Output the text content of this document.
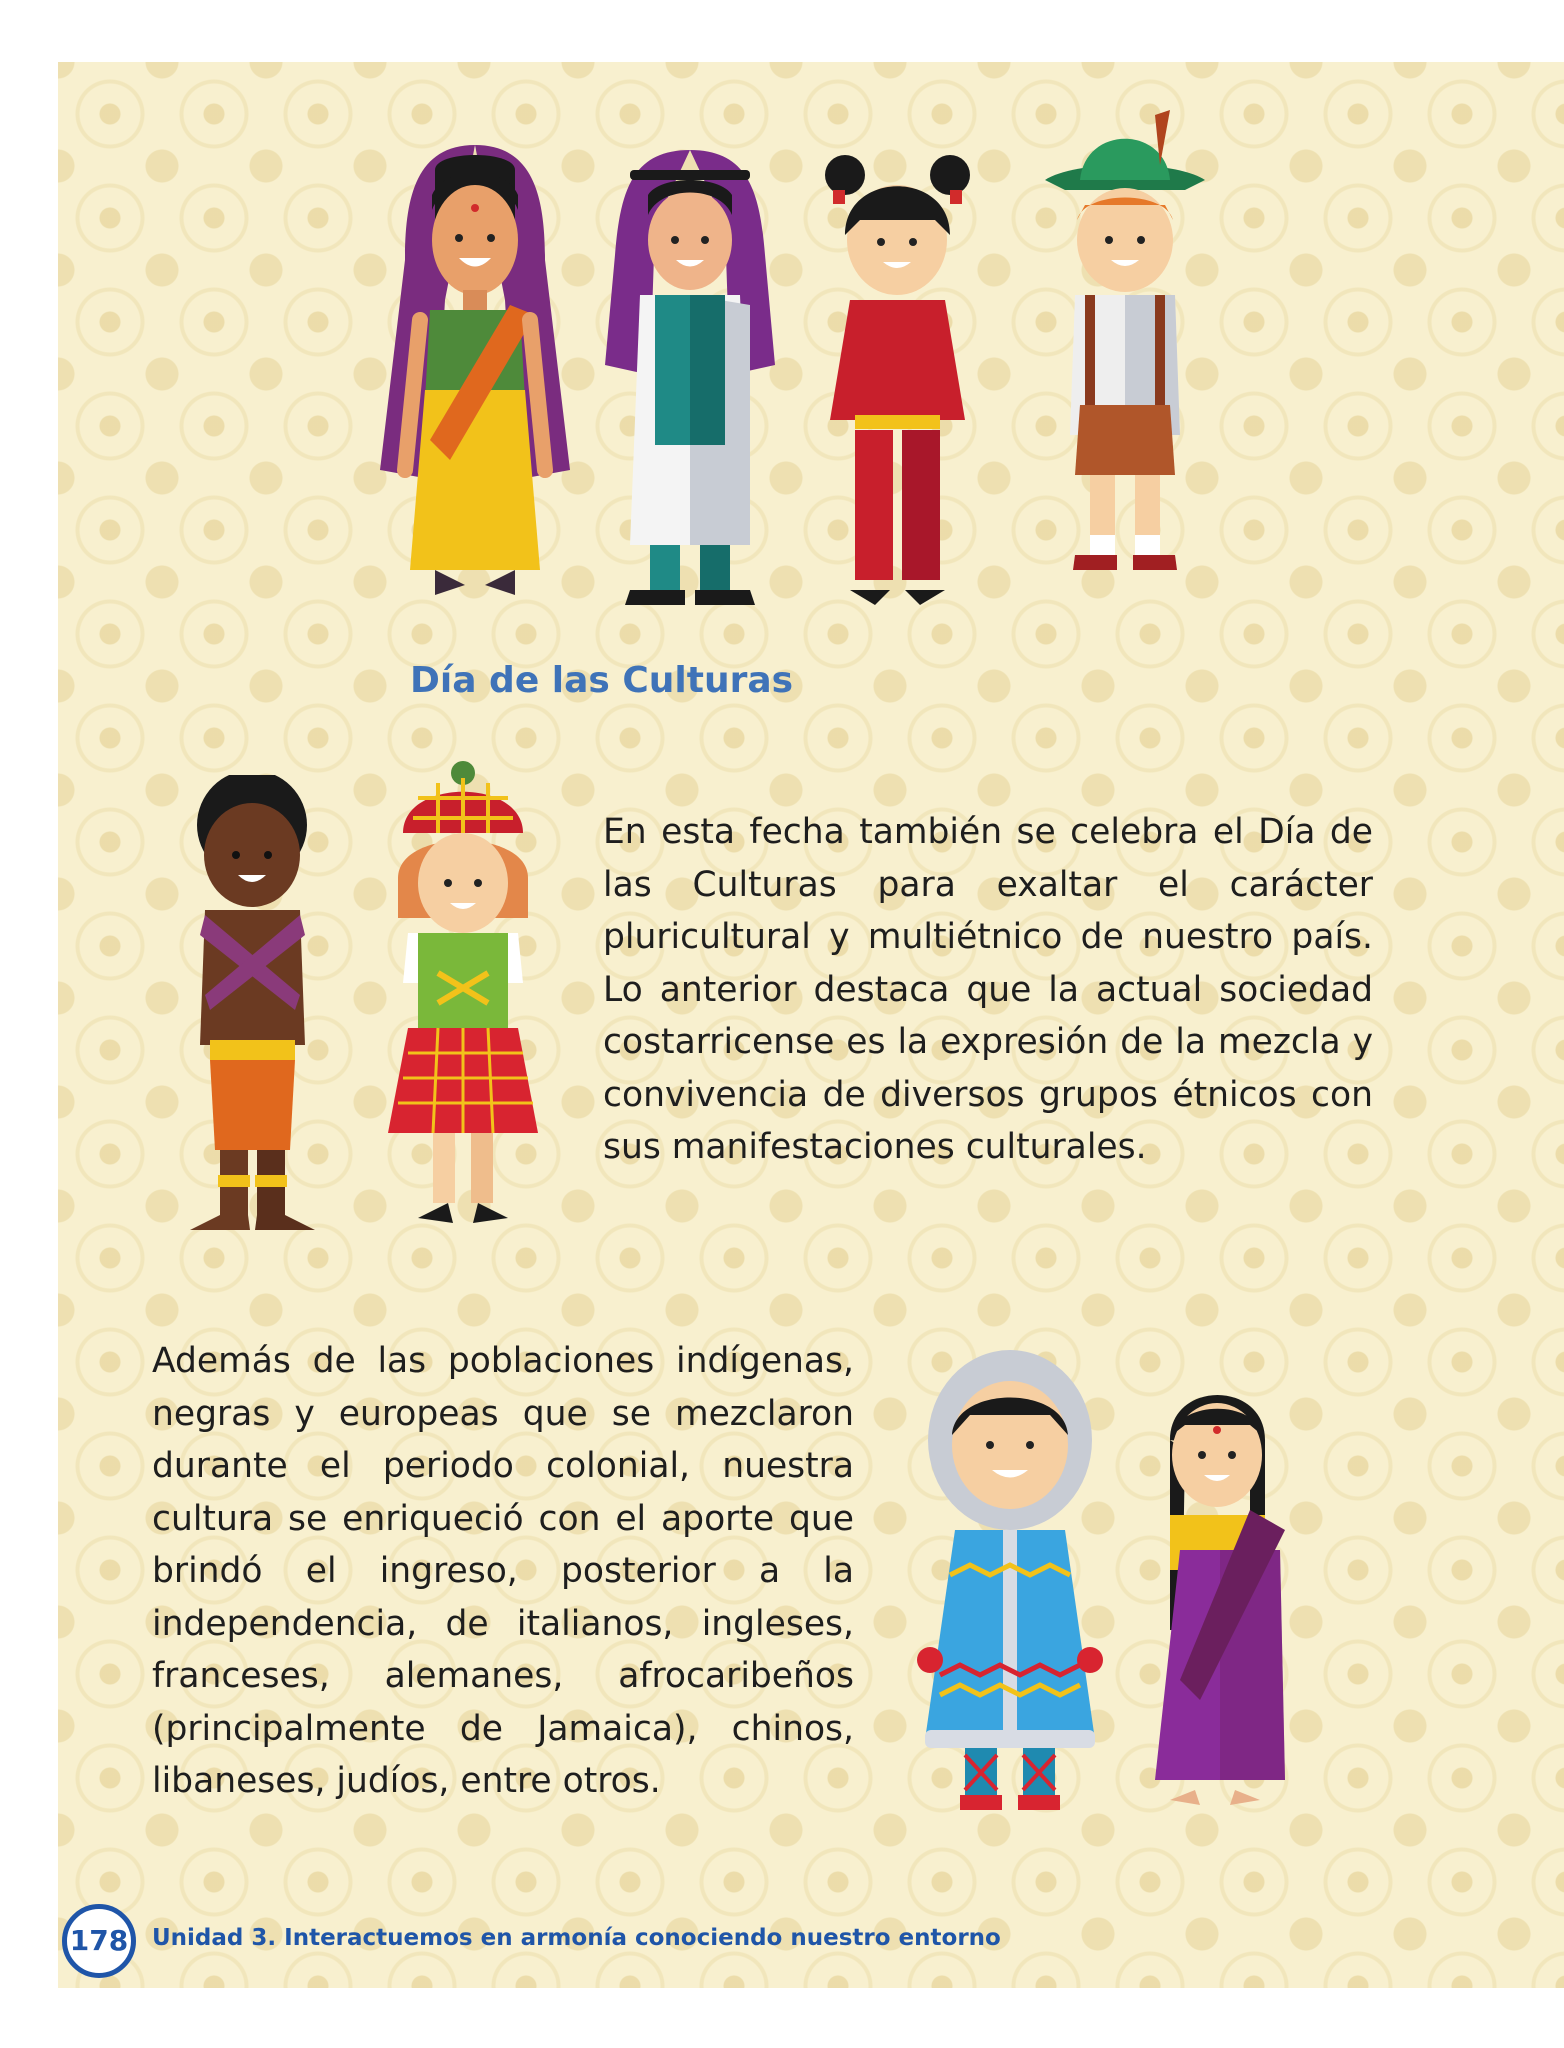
Día de las Culturas
En esta fecha también se celebra el Día de las Culturas para exaltar el carácter pluricultural y multiétnico de nuestro país. Lo anterior destaca que la actual sociedad costarricense es la expresión de la mezcla y convivencia de diversos grupos étnicos con sus manifestaciones culturales.
Además de las poblaciones indígenas, negras y europeas que se mezclaron durante el periodo colonial, nuestra cultura se enriqueció con el aporte que brindó el ingreso, posterior a la independencia, de italianos, ingleses, franceses, alemanes, afrocaribeños (principalmente de Jamaica), chinos, libaneses, judíos, entre otros.
178	Unidad 3. Interactuemos en armonía conociendo nuestro entorno
